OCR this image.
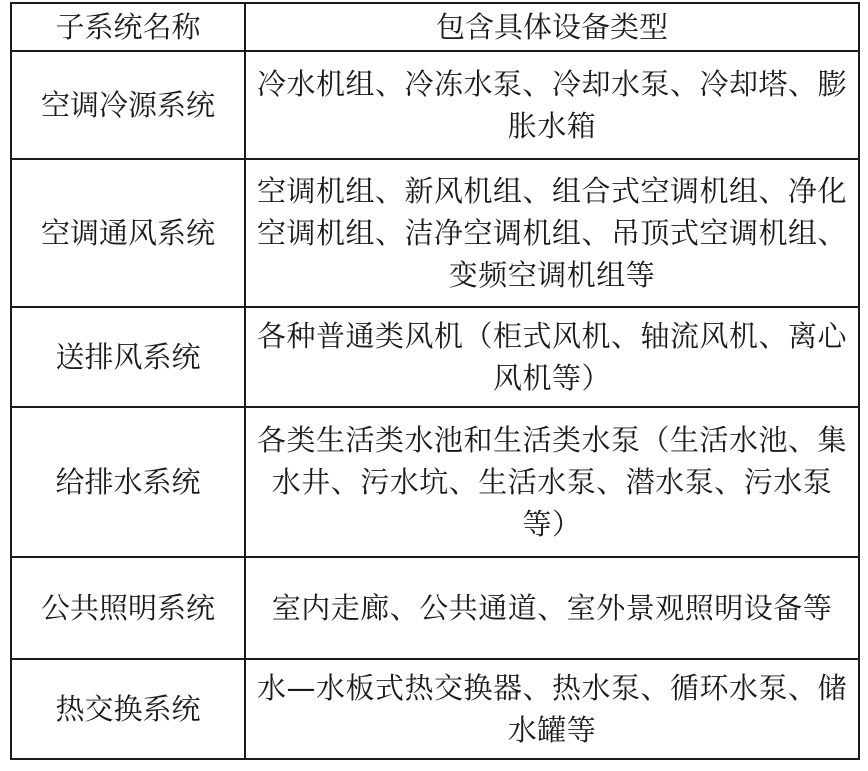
子系统名称	包含具体设备类型
空调冷源系统	冷水机组、冷冻水泵、冷却水泵、冷却塔、膨胀水箱
空调通风系统	空调机组、新风机组、组合式空调机组、净化空调机组、洁净空调机组、吊顶式空调机组、变频空调机组等
送排风系统	各种普通类风机（柜式风机、轴流风机、离心风机等）
给排水系统	各类生活类水池和生活类水泵（生活水池、集水井、污水坑、生活水泵、潜水泵、污水泵等）
公共照明系统	室内走廊、公共通道、室外景观照明设备等
热交换系统	水—水板式热交换器、热水泵、循环水泵、储水罐等
